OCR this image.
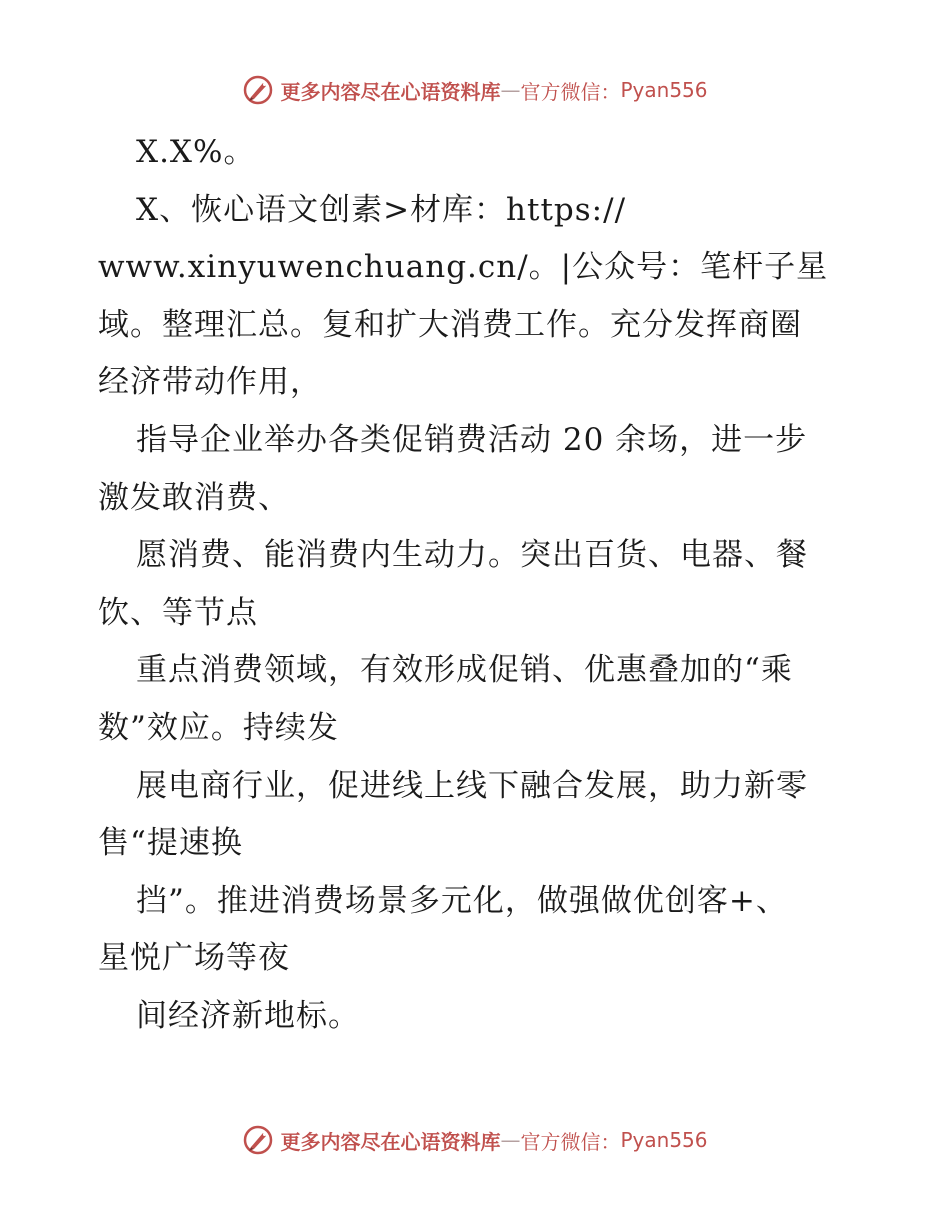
更多内容尽在心语资料库 — 官方微信： Pyan556
X.X%。
X、恢心语文创素>材库：https://
www.xinyuwenchuang.cn/。|公众号：笔杆子星
域。整理汇总。复和扩大消费工作。充分发挥商圈
经济带动作用，
指导企业举办各类促销费活动 20 余场，进一步
激发敢消费、
愿消费、能消费内生动力。突出百货、电器、餐
饮、等节点
重点消费领域，有效形成促销、优惠叠加的“乘
数”效应。持续发
展电商行业，促进线上线下融合发展，助力新零
售“提速换
挡”。推进消费场景多元化，做强做优创客+、
星悦广场等夜
间经济新地标。
更多内容尽在心语资料库 — 官方微信： Pyan556
